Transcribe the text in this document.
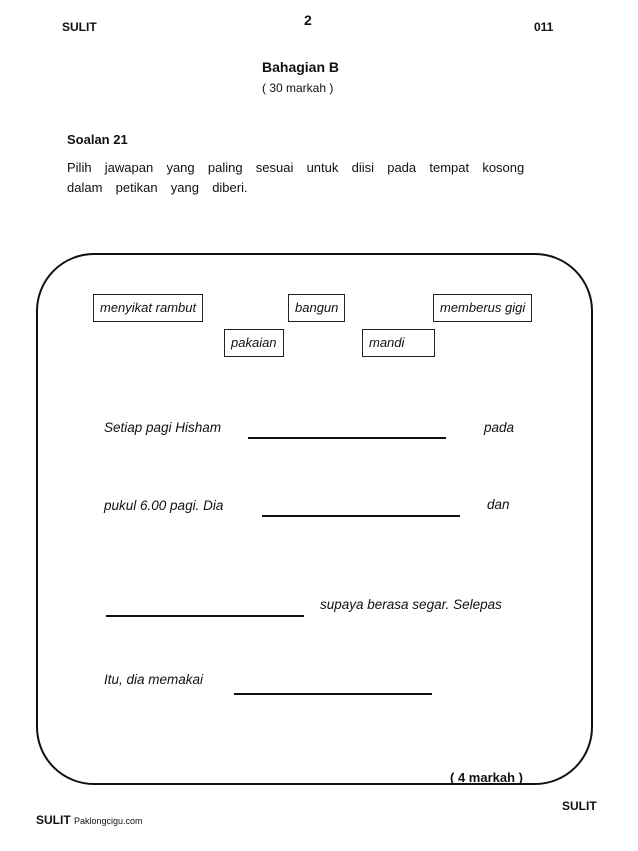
SULIT	2	011
Bahagian B
( 30 markah )
Soalan 21
Pilih  jawapan  yang  paling  sesuai  untuk  diisi  pada  tempat  kosong
dalam  petikan  yang  diberi.
menyikat rambut	bangun	memberus gigi
pakaian	mandi
Setiap pagi Hisham	pada
pukul 6.00 pagi. Dia	dan
supaya berasa segar. Selepas
Itu, dia memakai
( 4 markah )
SULIT
SULIT Paklongcigu.com
